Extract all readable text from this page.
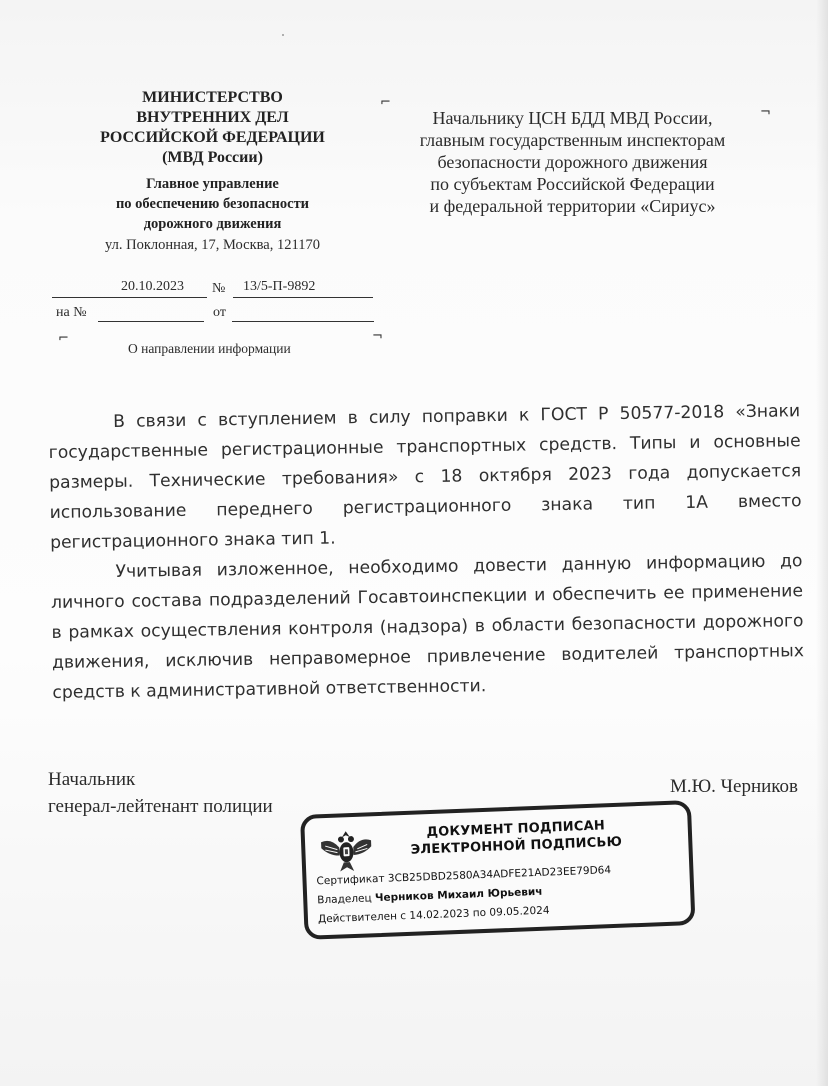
МИНИСТЕРСТВО
ВНУТРЕННИХ ДЕЛ
РОССИЙСКОЙ ФЕДЕРАЦИИ
(МВД России)
Главное управление
по обеспечению безопасности
дорожного движения
ул. Поклонная, 17, Москва, 121170
20.10.2023 № 13/5-П-9892
на №	от
⌐	¬
О направлении информации
⌐
¬
Начальнику ЦСН БДД МВД России,
главным государственным инспекторам
безопасности дорожного движения
по субъектам Российской Федерации
и федеральной территории «Сириус»

В связи с вступлением в силу поправки к ГОСТ Р 50577-2018 «Знаки государственные регистрационные транспортных средств. Типы и основные размеры. Технические требования» с 18 октября 2023 года допускается использование переднего регистрационного знака тип 1А вместо регистрационного знака тип 1.

Учитывая изложенное, необходимо довести данную информацию до личного состава подразделений Госавтоинспекции и обеспечить ее применение в рамках осуществления контроля (надзора) в области безопасности дорожного движения, исключив неправомерное привлечение водителей транспортных средств к административной ответственности.

Начальник
генерал-лейтенант полиции
М.Ю. Черников
ДОКУМЕНТ ПОДПИСАН
ЭЛЕКТРОННОЙ ПОДПИСЬЮ
Сертификат 3CB25DBD2580A34ADFE21AD23EE79D64
Владелец Черников Михаил Юрьевич
Действителен с 14.02.2023 по 09.05.2024
